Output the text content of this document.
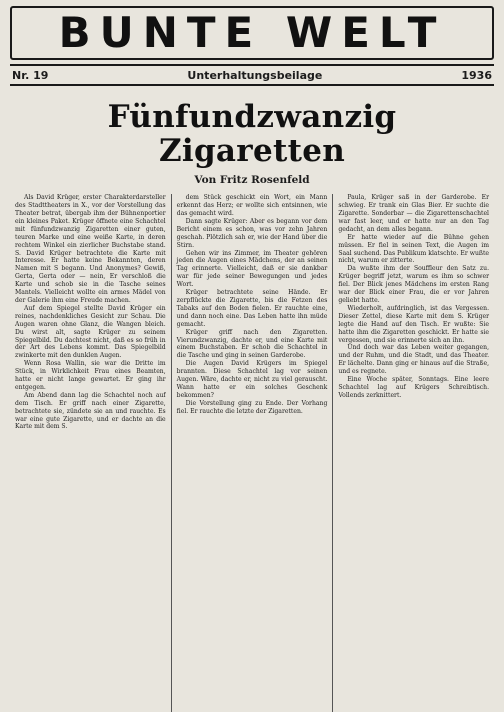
BUNTE WELT
Nr. 19	Unterhaltungsbeilage	1936
Fünfundzwanzig Zigaretten
Von Fritz Rosenfeld

Als David Krüger, erster Charakterdarsteller des Stadttheaters in X., vor der Vorstellung das Theater betrat, übergab ihm der Bühnenportier ein kleines Paket. Krüger öffnete eine Schachtel mit fünfundzwanzig Zigaretten einer guten, teuren Marke und eine weiße Karte, in deren rechtem Winkel ein zierlicher Buchstabe stand. S. David Krüger betrachtete die Karte mit Interesse. Er hatte keine Bekannten, deren Namen mit S begann. Und Anonymes? Gewiß, Gerta, Gerta oder — nein, Er verschloß die Karte und schob sie in die Tasche seines Mantels. Vielleicht wollte ein armes Mädel von der Galerie ihm eine Freude machen.

Auf dem Spiegel stellte David Krüger ein reines, nachdenkliches Gesicht zur Schau. Die Augen waren ohne Glanz, die Wangen bleich. Du wirst alt, sagte Krüger zu seinem Spiegelbild. Du dachtest nicht, daß es so früh in der Art des Lebens kommt. Das Spiegelbild zwinkerte mit den dunklen Augen.

Wenn Rosa Wallin, sie war die Dritte im Stück, in Wirklichkeit Frau eines Beamten, hatte er nicht lange gewartet. Er ging ihr entgegen.

Am Abend dann lag die Schachtel noch auf dem Tisch. Er griff nach einer Zigarette, betrachtete sie, zündete sie an und rauchte. Es war eine gute Zigarette, und er dachte an die Karte mit dem S.

dem Stück geschickt ein Wort, ein Mann erkennt das Herz; er wollte sich entsinnen, wie das gemacht wird.

Dann sagte Krüger: Aber es begann vor dem Bericht einem es schon, was vor zehn Jahren geschah. Plötzlich sah er, wie der Hand über die Stirn.

Gehen wir ins Zimmer, im Theater gehören jeden die Augen eines Mädchens, der an seinen Tag erinnerte. Vielleicht, daß er sie dankbar war für jede seiner Bewegungen und jedes Wort.

Krüger betrachtete seine Hände. Er zerpflückte die Zigarette, bis die Fetzen des Tabaks auf den Boden fielen. Er rauchte eine, und dann noch eine. Das Leben hatte ihn müde gemacht.

Krüger griff nach den Zigaretten. Vierundzwanzig, dachte er, und eine Karte mit einem Buchstaben. Er schob die Schachtel in die Tasche und ging in seinen Garderobe.

Die Augen David Krügers im Spiegel brannten. Diese Schachtel lag vor seinen Augen. Wäre, dachte er, nicht zu viel gerauscht. Wann hatte er ein solches Geschenk bekommen?

Die Vorstellung ging zu Ende. Der Vorhang fiel. Er rauchte die letzte der Zigaretten.

Paula, Krüger saß in der Garderobe. Er schwieg. Er trank ein Glas Bier. Er suchte die Zigarette. Sonderbar — die Zigarettenschachtel war fast leer, und er hatte nur an den Tag gedacht, an dem alles begann.

Er hatte wieder auf die Bühne gehen müssen. Er fiel in seinen Text, die Augen im Saal suchend. Das Publikum klatschte. Er wußte nicht, warum er zitterte.

Da wußte ihm der Souffleur den Satz zu. Krüger begriff jetzt, warum es ihm so schwer fiel. Der Blick jenes Mädchens im ersten Rang war der Blick einer Frau, die er vor Jahren geliebt hatte.

Wiederholt, aufdringlich, ist das Vergessen. Dieser Zettel, diese Karte mit dem S. Krüger legte die Hand auf den Tisch. Er wußte: Sie hatte ihm die Zigaretten geschickt. Er hatte sie vergessen, und sie erinnerte sich an ihn.

Und doch war das Leben weiter gegangen, und der Ruhm, und die Stadt, und das Theater. Er lächelte. Dann ging er hinaus auf die Straße, und es regnete.

Eine Woche später, Sonntags. Eine leere Schachtel lag auf Krügers Schreibtisch. Vollends zerknittert.
